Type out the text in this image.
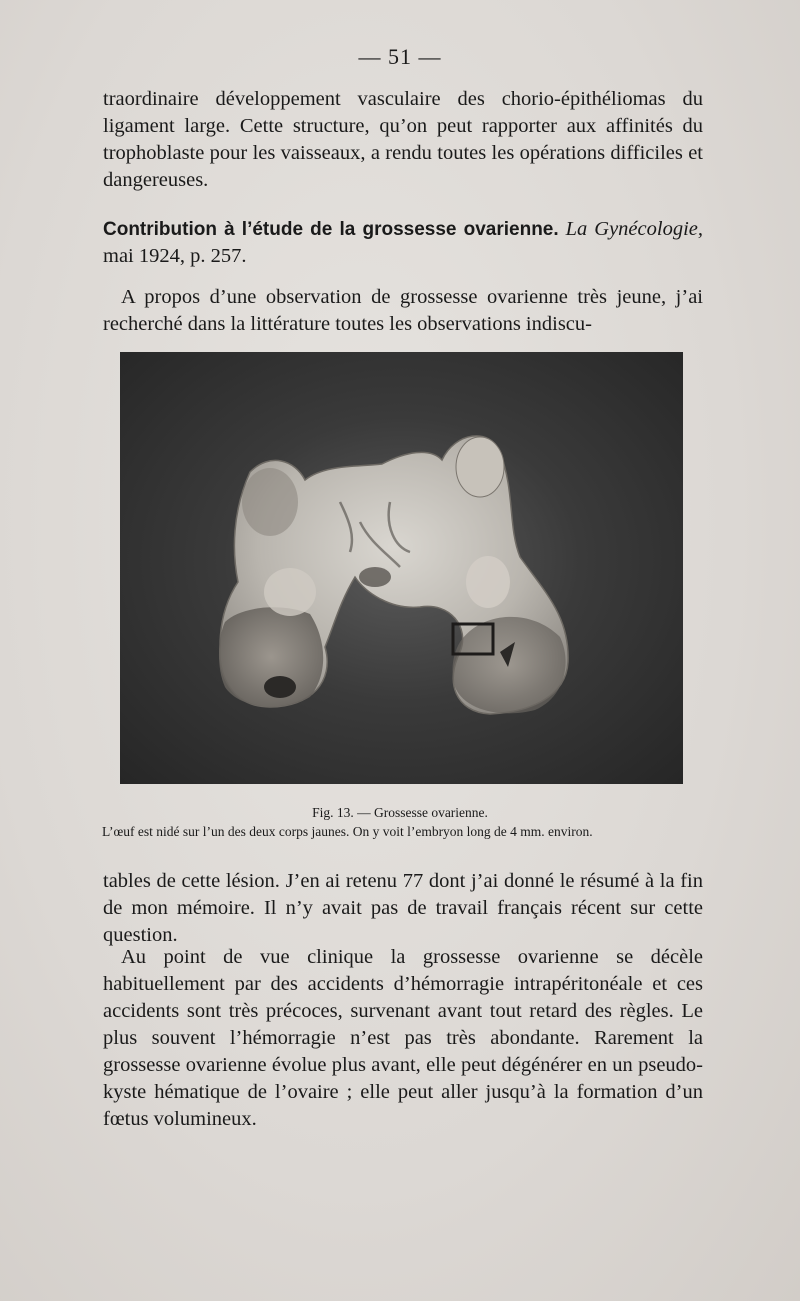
— 51 —

traordinaire développement vasculaire des chorio-épithéliomas du ligament large. Cette structure, qu’on peut rapporter aux affinités du trophoblaste pour les vaisseaux, a rendu toutes les opérations difficiles et dangereuses.

Contribution à l’étude de la grossesse ovarienne. La Gynécologie, mai 1924, p. 257.

A propos d’une observation de grossesse ovarienne très jeune, j’ai recherché dans la littérature toutes les observations indiscu-

Fig. 13. — Grossesse ovarienne.
L’œuf est nidé sur l’un des deux corps jaunes. On y voit l’embryon long de 4 mm. environ.

tables de cette lésion. J’en ai retenu 77 dont j’ai donné le résumé à la fin de mon mémoire. Il n’y avait pas de travail français récent sur cette question.

Au point de vue clinique la grossesse ovarienne se décèle habituellement par des accidents d’hémorragie intrapéritonéale et ces accidents sont très précoces, survenant avant tout retard des règles. Le plus souvent l’hémorragie n’est pas très abondante. Rarement la grossesse ovarienne évolue plus avant, elle peut dégénérer en un pseudo-kyste hématique de l’ovaire ; elle peut aller jusqu’à la formation d’un fœtus volumineux.
